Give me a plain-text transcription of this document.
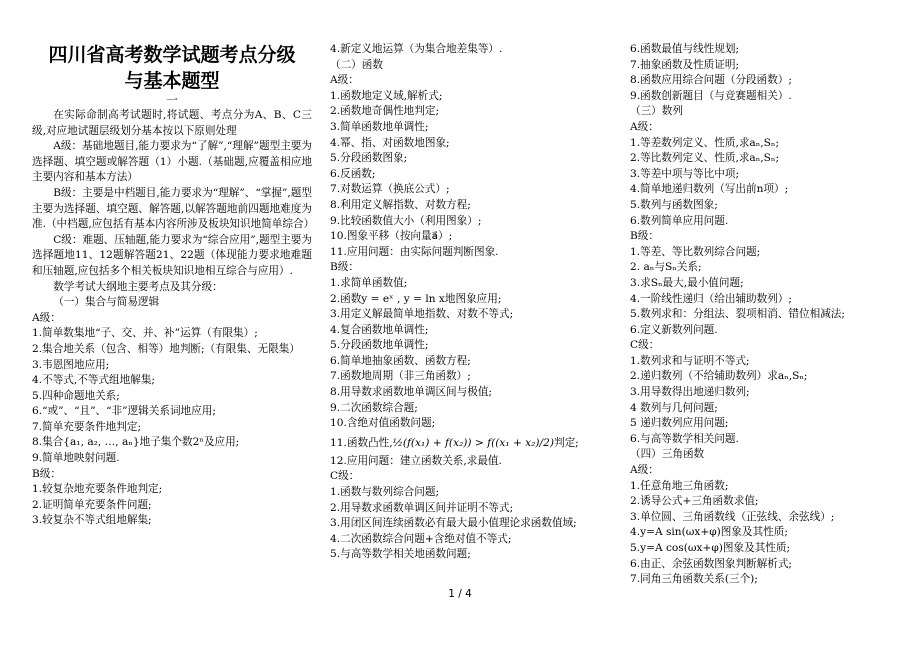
四川省高考数学试题考点分级
与基本题型
一

在实际命制高考试题时,将试题、考点分为A、B、C三级,对应地试题层级划分基本按以下原则处理

A级：基础地题目,能力要求为“了解”,“理解”题型主要为选择题、填空题或解答题（1）小题.（基础题,应覆盖相应地主要内容和基本方法）

B级：主要是中档题目,能力要求为“理解”、“掌握”,题型主要为选择题、填空题、解答题,以解答题地前四题地难度为准.（中档题,应包括有基本内容所涉及板块知识地简单综合）

C级：难题、压轴题,能力要求为“综合应用”,题型主要为选择题地11、12题解答题21、22题（体现能力要求地难题和压轴题,应包括多个相关板块知识地相互综合与应用）.

数学考试大纲地主要考点及其分级：

（一）集合与简易逻辑

A级：

1.简单数集地“子、交、并、补”运算（有限集）;

2.集合地关系（包含、相等）地判断;（有限集、无限集）

3.韦恩图地应用;

4.不等式,不等式组地解集;

5.四种命题地关系;

6.“或”、“且”、“非”逻辑关系词地应用;

7.简单充要条件地判定;

8.集合{a₁, a₂, …, aₙ}地子集个数2ⁿ及应用;

9.简单地映射问题.

B级：

1.较复杂地充要条件地判定;

2.证明简单充要条件问题;

3.较复杂不等式组地解集;

4.新定义地运算（为集合地差集等）.

（二）函数

A级：

1.函数地定义域,解析式;

2.函数地奇偶性地判定;

3.简单函数地单调性;

4.幂、指、对函数地图象;

5.分段函数图象;

6.反函数;

7.对数运算（换底公式）;

8.利用定义解指数、对数方程;

9.比较函数值大小（利用图象）;

10.图象平移（按向量a⃗）;

11.应用问题：由实际问题判断图象.

B级：

1.求简单函数值;

2.函数y = eˣ , y = ln x地图象应用;

3.用定义解最简单地指数、对数不等式;

4.复合函数地单调性;

5.分段函数地单调性;

6.简单地抽象函数、函数方程;

7.函数地周期（非三角函数）;

8.用导数求函数地单调区间与极值;

9.二次函数综合题;

10.含绝对值函数问题;

11.函数凸性,½(f(x₁) + f(x₂)) > f((x₁ + x₂)/2)判定;

12.应用问题：建立函数关系,求最值.

C级：

1.函数与数列综合问题;

2.用导数求函数单调区间并证明不等式;

3.用闭区间连续函数必有最大最小值理论求函数值域;

4.二次函数综合问题+含绝对值不等式;

5.与高等数学相关地函数问题;

6.函数最值与线性规划;

7.抽象函数及性质证明;

8.函数应用综合问题（分段函数）;

9.函数创新题目（与竞赛题相关）.

（三）数列

A级：

1.等差数列定义、性质,求aₙ,Sₙ;

2.等比数列定义、性质,求aₙ,Sₙ;

3.等差中项与等比中项;

4.简单地递归数列（写出前n项）;

5.数列与函数图象;

6.数列简单应用问题.

B级：

1.等差、等比数列综合问题;

2. aₙ与Sₙ关系;

3.求Sₙ最大,最小值问题;

4.一阶线性递归（给出辅助数列）;

5.数列求和：分组法、裂项相消、错位相减法;

6.定义新数列问题.

C级：

1.数列求和与证明不等式;

2.递归数列（不给辅助数列）求aₙ,Sₙ;

3.用导数得出地递归数列;

4 数列与几何问题;

5 递归数列应用问题;

6.与高等数学相关问题.

（四）三角函数

A级：

1.任意角地三角函数;

2.诱导公式+三角函数求值;

3.单位圆、三角函数线（正弦线、余弦线）;

4.y=A sin(ωx+φ)图象及其性质;

5.y=A cos(ωx+φ)图象及其性质;

6.由正、余弦函数图象判断解析式;

7.同角三角函数关系(三个);

1 / 4
